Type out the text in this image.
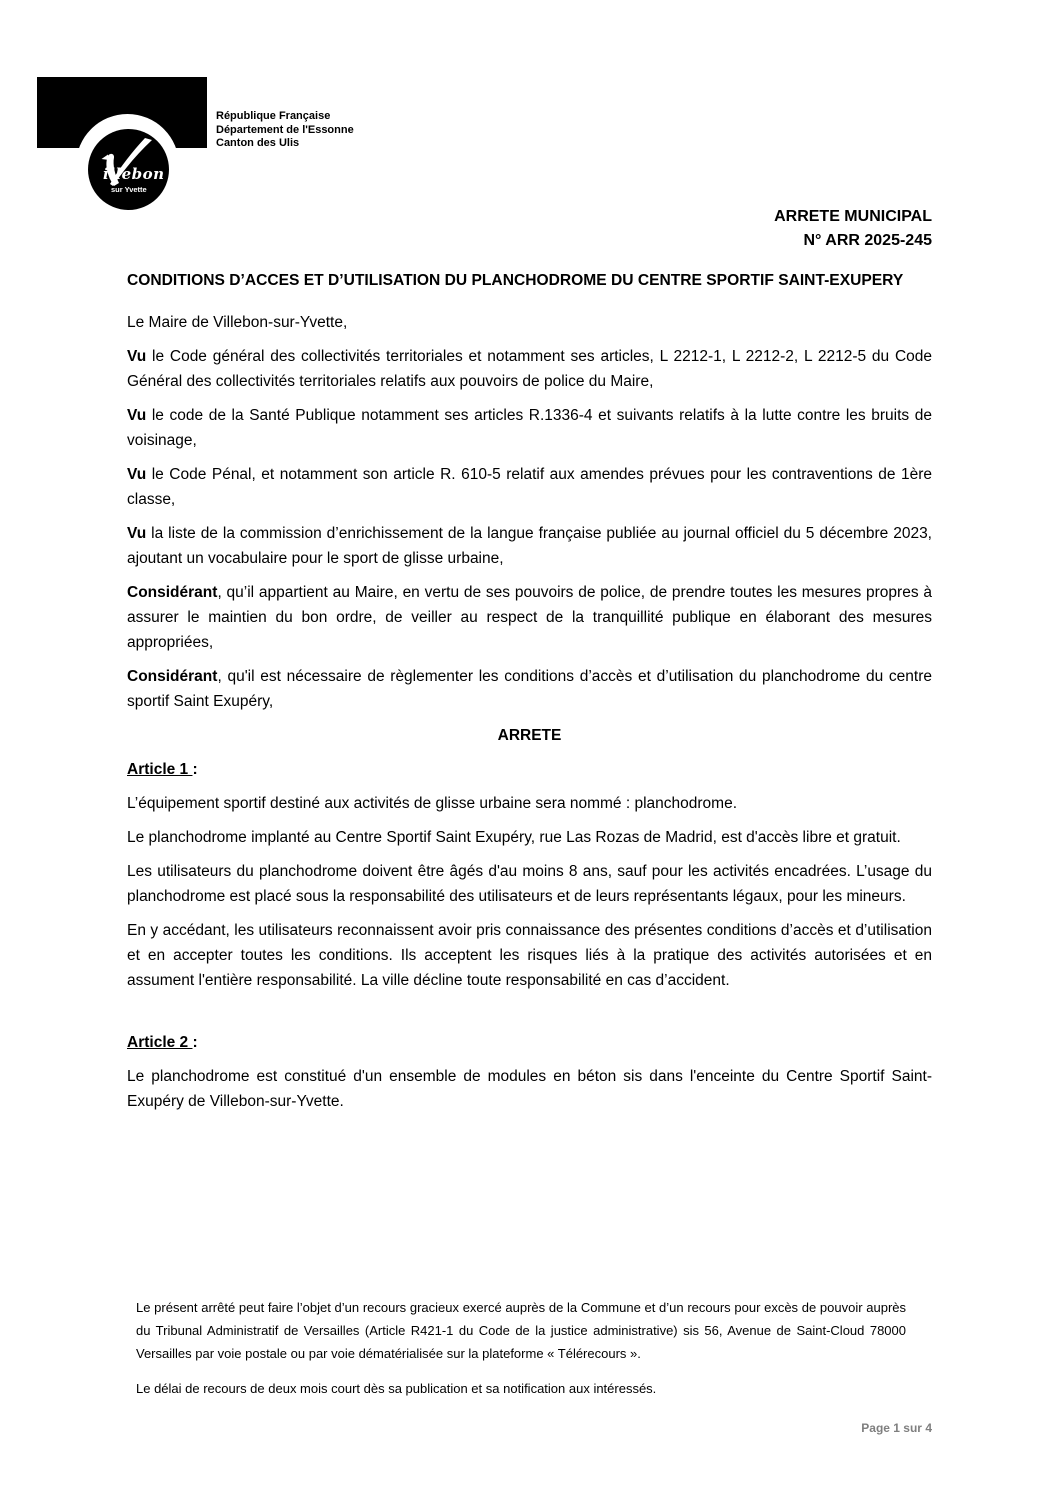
illebon
sur Yvette
République Française
Département de l'Essonne
Canton des Ulis
ARRETE MUNICIPAL
N° ARR 2025-245

CONDITIONS D’ACCES ET D’UTILISATION DU PLANCHODROME DU CENTRE SPORTIF SAINT-EXUPERY

Le Maire de Villebon-sur-Yvette,

Vu le Code général des collectivités territoriales et notamment ses articles, L 2212-1, L 2212-2, L 2212-5 du Code Général des collectivités territoriales relatifs aux pouvoirs de police du Maire,

Vu le code de la Santé Publique notamment ses articles R.1336-4 et suivants relatifs à la lutte contre les bruits de voisinage,

Vu le Code Pénal, et notamment son article R. 610-5 relatif aux amendes prévues pour les contraventions de 1ère classe,

Vu la liste de la commission d’enrichissement de la langue française publiée au journal officiel du 5 décembre 2023, ajoutant un vocabulaire pour le sport de glisse urbaine,

Considérant, qu’il appartient au Maire, en vertu de ses pouvoirs de police, de prendre toutes les mesures propres à assurer le maintien du bon ordre, de veiller au respect de la tranquillité publique en élaborant des mesures appropriées,

Considérant, qu'il est nécessaire de règlementer les conditions d’accès et d’utilisation du planchodrome du centre sportif Saint Exupéry,

ARRETE

Article 1 :

L’équipement sportif destiné aux activités de glisse urbaine sera nommé : planchodrome.

Le planchodrome implanté au Centre Sportif Saint Exupéry, rue Las Rozas de Madrid, est d'accès libre et gratuit.

Les utilisateurs du planchodrome doivent être âgés d'au moins 8 ans, sauf pour les activités encadrées. L’usage du planchodrome est placé sous la responsabilité des utilisateurs et de leurs représentants légaux, pour les mineurs.

En y accédant, les utilisateurs reconnaissent avoir pris connaissance des présentes conditions d’accès et d’utilisation et en accepter toutes les conditions. Ils acceptent les risques liés à la pratique des activités autorisées et en assument l'entière responsabilité. La ville décline toute responsabilité en cas d’accident.

Article 2 :

Le planchodrome est constitué d'un ensemble de modules en béton sis dans l'enceinte du Centre Sportif Saint-Exupéry de Villebon-sur-Yvette.

Le présent arrêté peut faire l’objet d’un recours gracieux exercé auprès de la Commune et d’un recours pour excès de pouvoir auprès du Tribunal Administratif de Versailles (Article R421-1 du Code de la justice administrative) sis 56, Avenue de Saint-Cloud 78000 Versailles par voie postale ou par voie dématérialisée sur la plateforme « Télérecours ».

Le délai de recours de deux mois court dès sa publication et sa notification aux intéressés.

Page 1 sur 4
